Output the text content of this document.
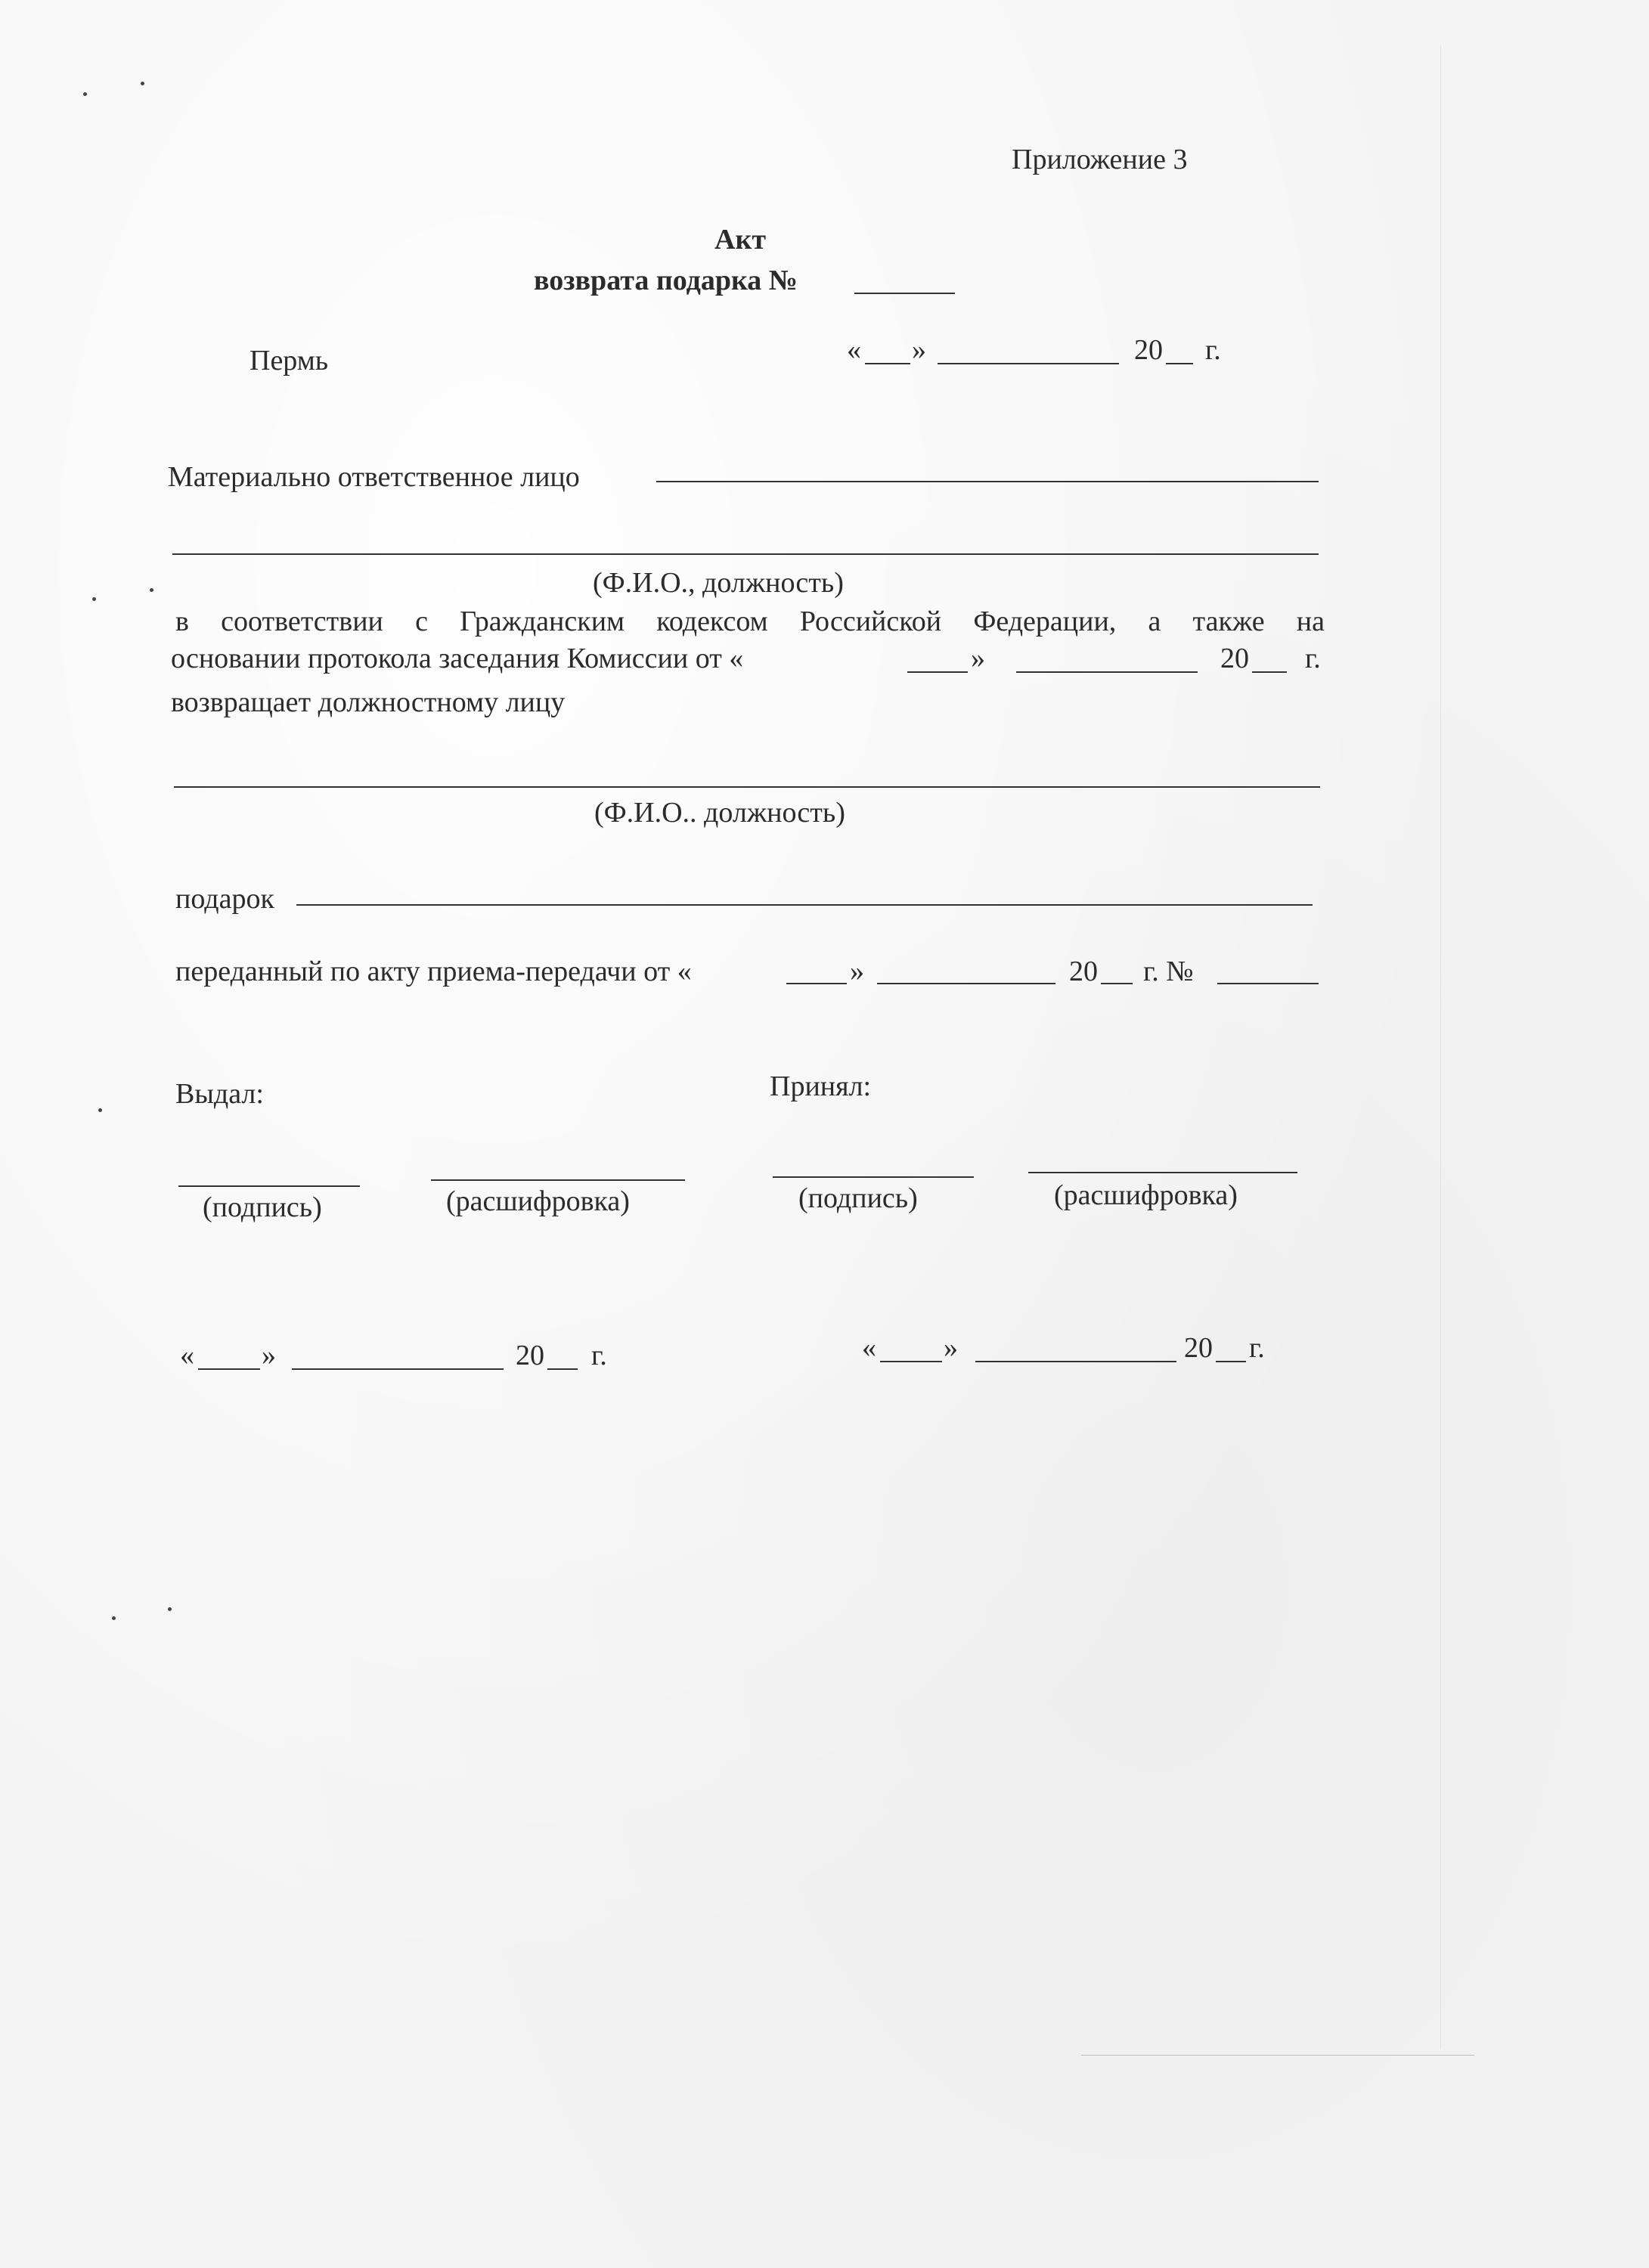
Приложение 3
Акт
возврата подарка №
Пермь	« »	20 г.
Материально ответственное лицо
(Ф.И.О., должность)
в соответствии с Гражданским кодексом Российской Федерации, а также на
основании протокола заседания Комиссии от «	»	20 г.
возвращает должностному лицу
(Ф.И.О.. должность)
подарок
переданный по акту приема-передачи от «	»	20 г. №
Выдал:	Принял:
(подпись)	(расшифровка)	(подпись)	(расшифровка)
« »	20 г.	« »	20 г.
